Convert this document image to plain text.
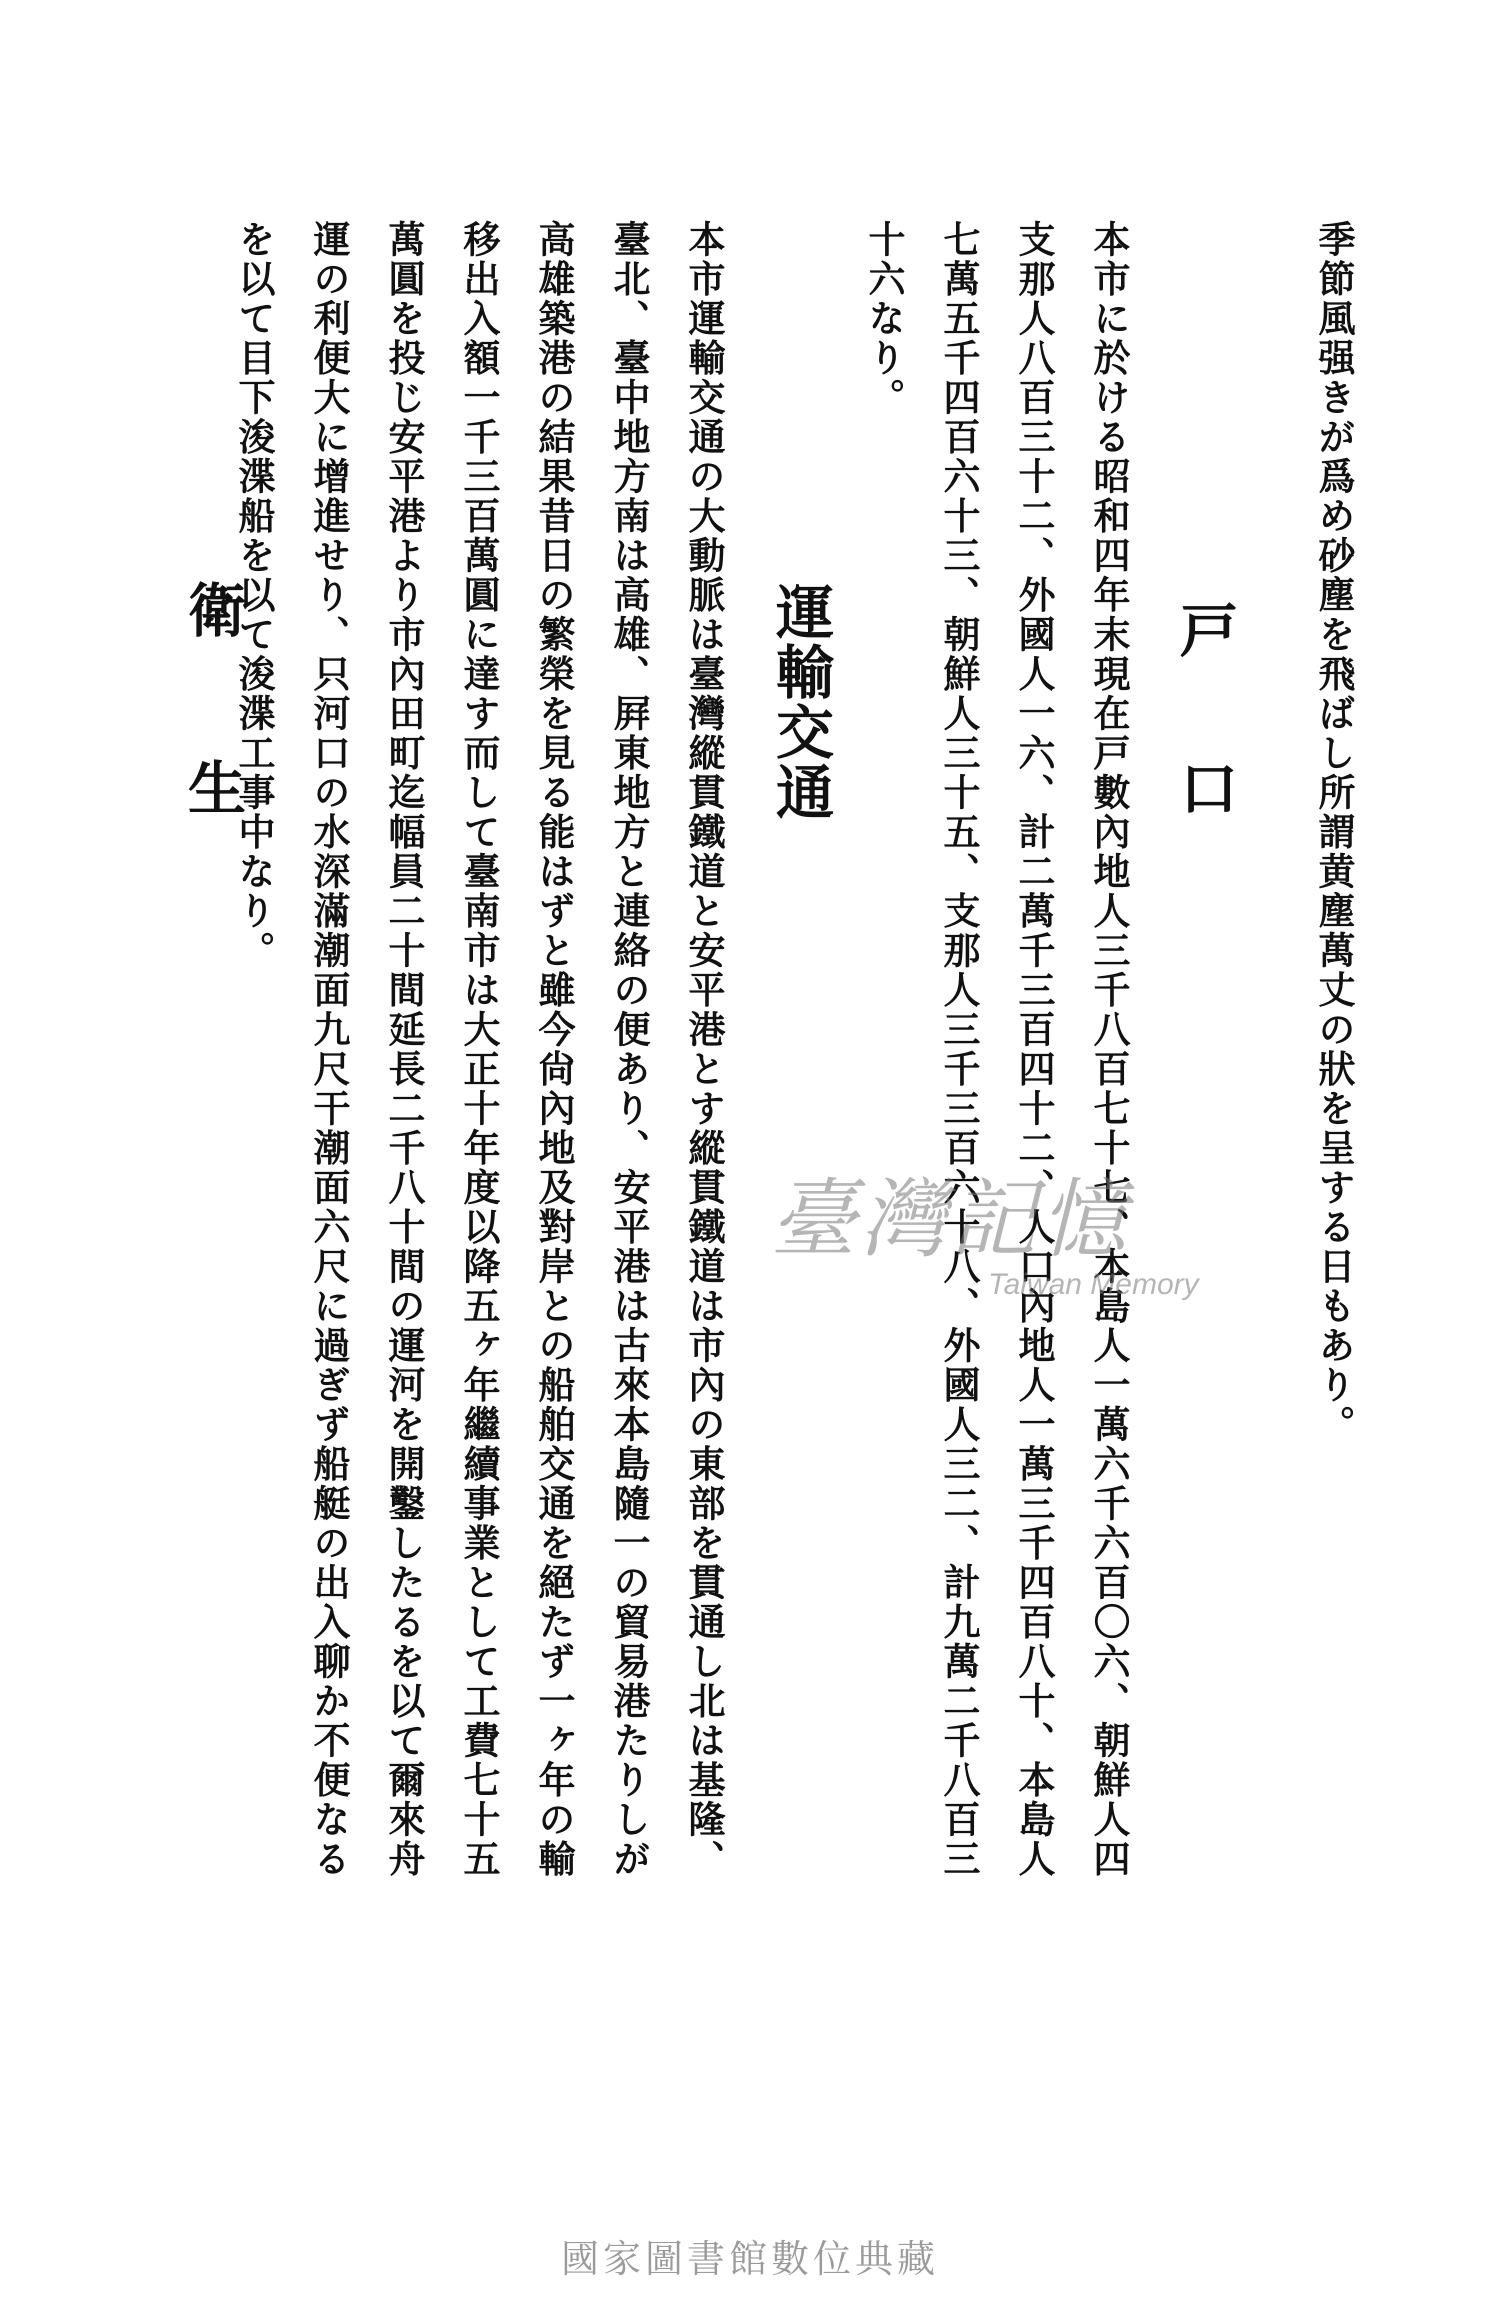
季節風强きが爲め砂塵を飛ばし所謂黄塵萬丈の狀を呈する日もあり。
戸口
本市に於ける昭和四年末現在戸數內地人三千八百七十七、本島人一萬六千六百〇六、朝鮮人四
支那人八百三十二、外國人一六、計二萬千三百四十二、人口內地人一萬三千四百八十、本島人
七萬五千四百六十三、朝鮮人三十五、支那人三千三百六十八、外國人三二、計九萬二千八百三
十六なり。
運輸交通
本市運輸交通の大動脈は臺灣縱貫鐵道と安平港とす縱貫鐵道は市內の東部を貫通し北は基隆、
臺北、臺中地方南は高雄、屛東地方と連絡の便あり、安平港は古來本島隨一の貿易港たりしが
高雄築港の結果昔日の繁榮を見る能はずと雖今尙內地及對岸との船舶交通を絕たず一ヶ年の輸
移出入額一千三百萬圓に達す而して臺南市は大正十年度以降五ヶ年繼續事業として工費七十五
萬圓を投じ安平港より市內田町迄幅員二十間延長二千八十間の運河を開鑿したるを以て爾來舟
運の利便大に增進せり、只河口の水深滿潮面九尺干潮面六尺に過ぎず船艇の出入聊か不便なる
を以て目下浚渫船を以て浚渫工事中なり。
衛生
臺灣記憶
Taiwan Memory
國家圖書館數位典藏
